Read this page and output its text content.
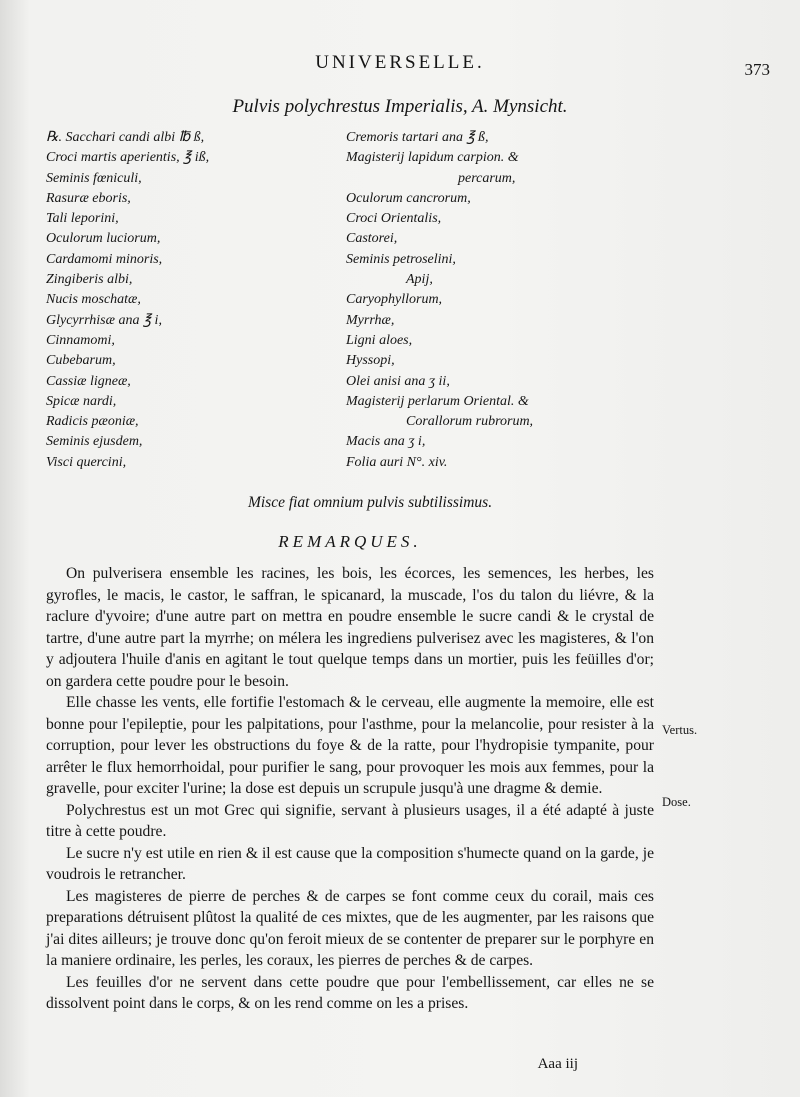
UNIVERSELLE.	373
Pulvis polychrestus Imperialis, A. Mynsicht.
℞. Sacchari candi albi ℔ ß,
Croci martis aperientis, ℥ iß,
Seminis fœniculi,
Rasuræ eboris,
Tali leporini,
Oculorum luciorum,
Cardamomi minoris,
Zingiberis albi,
Nucis moschatæ,
Glycyrrhisæ ana ℥ i,
Cinnamomi,
Cubebarum,
Cassiæ ligneæ,
Spicæ nardi,
Radicis pæoniæ,
Seminis ejusdem,
Visci quercini,
Cremoris tartari ana ℥ ß,
Magisterij lapidum carpion. &
percarum,
Oculorum cancrorum,
Croci Orientalis,
Castorei,
Seminis petroselini,
Apij,
Caryophyllorum,
Myrrhæ,
Ligni aloes,
Hyssopi,
Olei anisi ana ʒ ii,
Magisterij perlarum Oriental. &
Corallorum rubrorum,
Macis ana ʒ i,
Folia auri N°. xiv.
Misce fiat omnium pulvis subtilissimus.
REMARQUES.

On pulverisera ensemble les racines, les bois, les écorces, les semences, les herbes, les gyrofles, le macis, le castor, le saffran, le spicanard, la muscade, l'os du talon du liévre, & la raclure d'yvoire; d'une autre part on mettra en poudre ensemble le sucre candi & le crystal de tartre, d'une autre part la myrrhe; on mélera les ingrediens pulverisez avec les magisteres, & l'on y adjoutera l'huile d'anis en agitant le tout quelque temps dans un mortier, puis les feüilles d'or; on gardera cette poudre pour le besoin.

Elle chasse les vents, elle fortifie l'estomach & le cerveau, elle augmente la memoire, elle est bonne pour l'epileptie, pour les palpitations, pour l'asthme, pour la melancolie, pour resister à la corruption, pour lever les obstructions du foye & de la ratte, pour l'hydropisie tympanite, pour arrêter le flux hemorrhoidal, pour purifier le sang, pour provoquer les mois aux femmes, pour la gravelle, pour exciter l'urine; la dose est depuis un scrupule jusqu'à une dragme & demie.

Polychrestus est un mot Grec qui signifie, servant à plusieurs usages, il a été adapté à juste titre à cette poudre.

Le sucre n'y est utile en rien & il est cause que la composition s'humecte quand on la garde, je voudrois le retrancher.

Les magisteres de pierre de perches & de carpes se font comme ceux du corail, mais ces preparations détruisent plûtost la qualité de ces mixtes, que de les augmenter, par les raisons que j'ai dites ailleurs; je trouve donc qu'on feroit mieux de se contenter de preparer sur le porphyre en la maniere ordinaire, les perles, les coraux, les pierres de perches & de carpes.

Les feuilles d'or ne servent dans cette poudre que pour l'embellissement, car elles ne se dissolvent point dans le corps, & on les rend comme on les a prises.

Vertus.
Dose.
Aaa iij
